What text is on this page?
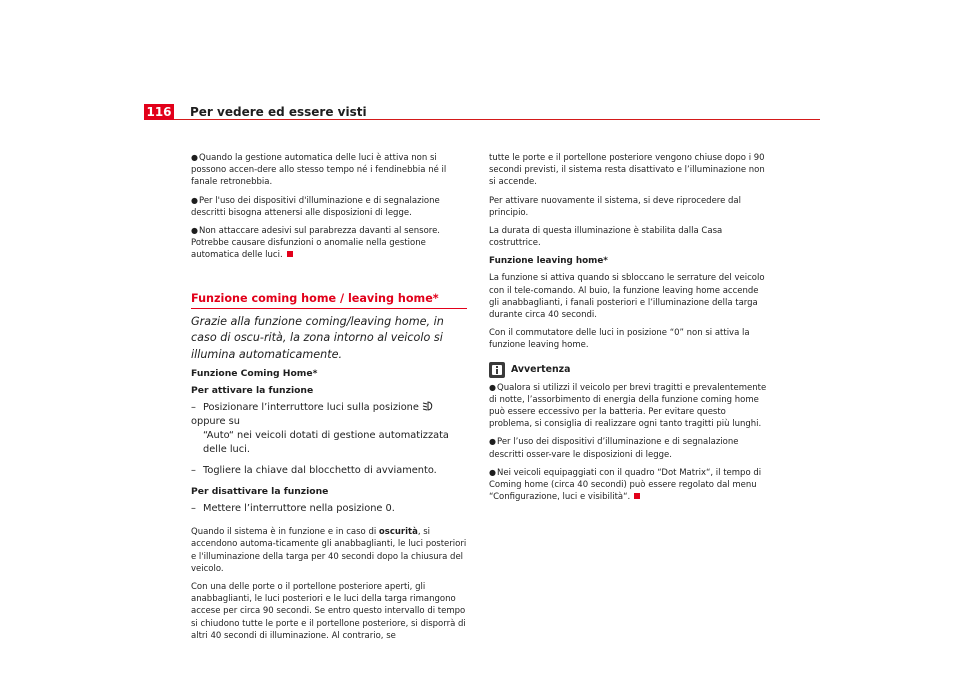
116 Per vedere ed essere visti

●Quando la gestione automatica delle luci è attiva non si possono accen-dere allo stesso tempo né i fendinebbia né il fanale retronebbia.

●Per l'uso dei dispositivi d'illuminazione e di segnalazione descritti bisogna attenersi alle disposizioni di legge.

●Non attaccare adesivi sul parabrezza davanti al sensore. Potrebbe causare disfunzioni o anomalie nella gestione automatica delle luci.

Funzione coming home / leaving home*
Grazie alla funzione coming/leaving home, in caso di oscu-rità, la zona intorno al veicolo si illumina automaticamente.
Funzione Coming Home*
Per attivare la funzione
– Posizionare l’interruttore luci sulla posizione  oppure su
“Auto“ nei veicoli dotati di gestione automatizzata delle luci.
– Togliere la chiave dal blocchetto di avviamento.
Per disattivare la funzione
– Mettere l’interruttore nella posizione 0.

Quando il sistema è in funzione e in caso di oscurità, si accendono automa-ticamente gli anabbaglianti, le luci posteriori e l'illuminazione della targa per 40 secondi dopo la chiusura del veicolo.

Con una delle porte o il portellone posteriore aperti, gli anabbaglianti, le luci posteriori e le luci della targa rimangono accese per circa 90 secondi. Se entro questo intervallo di tempo si chiudono tutte le porte e il portellone posteriore, si disporrà di altri 40 secondi di illuminazione. Al contrario, se

tutte le porte e il portellone posteriore vengono chiuse dopo i 90 secondi previsti, il sistema resta disattivato e l’illuminazione non si accende.

Per attivare nuovamente il sistema, si deve riprocedere dal principio.

La durata di questa illuminazione è stabilita dalla Casa costruttrice.

Funzione leaving home*

La funzione si attiva quando si sbloccano le serrature del veicolo con il tele-comando. Al buio, la funzione leaving home accende gli anabbaglianti, i fanali posteriori e l’illuminazione della targa durante circa 40 secondi.

Con il commutatore delle luci in posizione “0” non si attiva la funzione leaving home.

Avvertenza

●Qualora si utilizzi il veicolo per brevi tragitti e prevalentemente di notte, l’assorbimento di energia della funzione coming home può essere eccessivo per la batteria. Per evitare questo problema, si consiglia di realizzare ogni tanto tragitti più lunghi.

●Per l’uso dei dispositivi d’illuminazione e di segnalazione descritti osser-vare le disposizioni di legge.

●Nei veicoli equipaggiati con il quadro “Dot Matrix“, il tempo di Coming home (circa 40 secondi) può essere regolato dal menu “Configurazione, luci e visibilità“.
